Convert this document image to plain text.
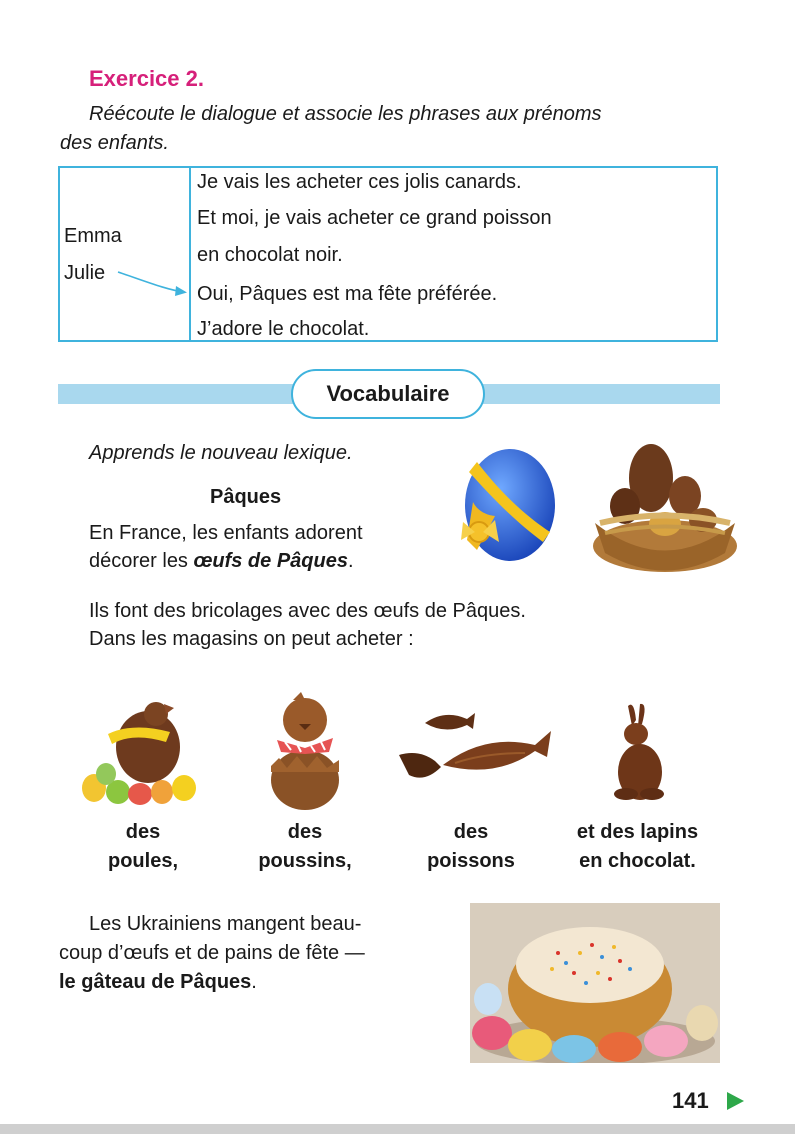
Exercice 2.
Réécoute le dialogue et associe les phrases aux prénoms
des enfants.
Emma
Julie
Je vais les acheter ces jolis canards.
Et moi, je vais acheter ce grand poisson
en chocolat noir.
Oui, Pâques est ma fête préférée.
J’adore le chocolat.
Vocabulaire
Apprends le nouveau lexique.
Pâques
En France, les enfants adorent
décorer les œufs de Pâques.
Ils font des bricolages avec des œufs de Pâques.
Dans les magasins on peut acheter :
des
poules,
des
poussins,
des
poissons
et des lapins
en chocolat.
Les Ukrainiens mangent beau-
coup d’œufs et de pains de fête —
le gâteau de Pâques.
141
